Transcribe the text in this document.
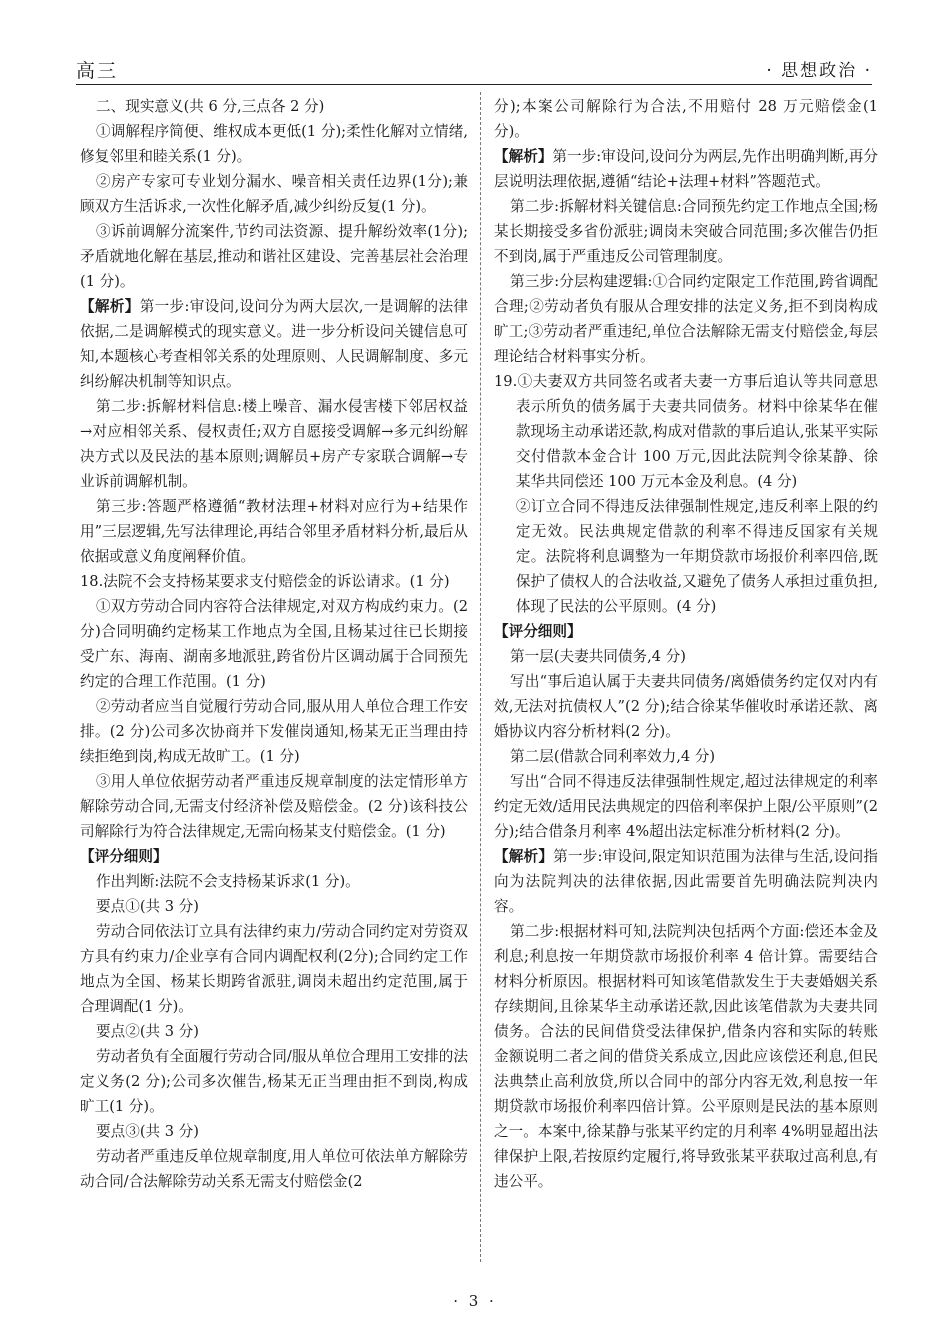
高三	· 思想政治 ·

二、现实意义(共 6 分,三点各 2 分)

①调解程序简便、维权成本更低(1 分);柔性化解对立情绪,修复邻里和睦关系(1 分)。

②房产专家可专业划分漏水、噪音相关责任边界(1分);兼顾双方生活诉求,一次性化解矛盾,减少纠纷反复(1 分)。

③诉前调解分流案件,节约司法资源、提升解纷效率(1分);矛盾就地化解在基层,推动和谐社区建设、完善基层社会治理(1 分)。

【解析】第一步:审设问,设问分为两大层次,一是调解的法律依据,二是调解模式的现实意义。进一步分析设问关键信息可知,本题核心考查相邻关系的处理原则、人民调解制度、多元纠纷解决机制等知识点。

第二步:拆解材料信息:楼上噪音、漏水侵害楼下邻居权益→对应相邻关系、侵权责任;双方自愿接受调解→多元纠纷解决方式以及民法的基本原则;调解员+房产专家联合调解→专业诉前调解机制。

第三步:答题严格遵循“教材法理+材料对应行为+结果作用”三层逻辑,先写法律理论,再结合邻里矛盾材料分析,最后从依据或意义角度阐释价值。

18.法院不会支持杨某要求支付赔偿金的诉讼请求。(1 分)

①双方劳动合同内容符合法律规定,对双方构成约束力。(2 分)合同明确约定杨某工作地点为全国,且杨某过往已长期接受广东、海南、湖南多地派驻,跨省份片区调动属于合同预先约定的合理工作范围。(1 分)

②劳动者应当自觉履行劳动合同,服从用人单位合理工作安排。(2 分)公司多次协商并下发催岗通知,杨某无正当理由持续拒绝到岗,构成无故旷工。(1 分)

③用人单位依据劳动者严重违反规章制度的法定情形单方解除劳动合同,无需支付经济补偿及赔偿金。(2 分)该科技公司解除行为符合法律规定,无需向杨某支付赔偿金。(1 分)

【评分细则】

作出判断:法院不会支持杨某诉求(1 分)。

要点①(共 3 分)

劳动合同依法订立具有法律约束力/劳动合同约定对劳资双方具有约束力/企业享有合同内调配权利(2分);合同约定工作地点为全国、杨某长期跨省派驻,调岗未超出约定范围,属于合理调配(1 分)。

要点②(共 3 分)

劳动者负有全面履行劳动合同/服从单位合理用工安排的法定义务(2 分);公司多次催告,杨某无正当理由拒不到岗,构成旷工(1 分)。

要点③(共 3 分)

劳动者严重违反单位规章制度,用人单位可依法单方解除劳动合同/合法解除劳动关系无需支付赔偿金(2

分);本案公司解除行为合法,不用赔付 28 万元赔偿金(1 分)。

【解析】第一步:审设问,设问分为两层,先作出明确判断,再分层说明法理依据,遵循“结论+法理+材料”答题范式。

第二步:拆解材料关键信息:合同预先约定工作地点全国;杨某长期接受多省份派驻;调岗未突破合同范围;多次催告仍拒不到岗,属于严重违反公司管理制度。

第三步:分层构建逻辑:①合同约定限定工作范围,跨省调配合理;②劳动者负有服从合理安排的法定义务,拒不到岗构成旷工;③劳动者严重违纪,单位合法解除无需支付赔偿金,每层理论结合材料事实分析。

19.①夫妻双方共同签名或者夫妻一方事后追认等共同意思表示所负的债务属于夫妻共同债务。材料中徐某华在催款现场主动承诺还款,构成对借款的事后追认,张某平实际交付借款本金合计 100 万元,因此法院判令徐某静、徐某华共同偿还 100 万元本金及利息。(4 分)

②订立合同不得违反法律强制性规定,违反利率上限的约定无效。民法典规定借款的利率不得违反国家有关规定。法院将利息调整为一年期贷款市场报价利率四倍,既保护了债权人的合法收益,又避免了债务人承担过重负担,体现了民法的公平原则。(4 分)

【评分细则】

第一层(夫妻共同债务,4 分)

写出“事后追认属于夫妻共同债务/离婚债务约定仅对内有效,无法对抗债权人”(2 分);结合徐某华催收时承诺还款、离婚协议内容分析材料(2 分)。

第二层(借款合同利率效力,4 分)

写出“合同不得违反法律强制性规定,超过法律规定的利率约定无效/适用民法典规定的四倍利率保护上限/公平原则”(2 分);结合借条月利率 4%超出法定标准分析材料(2 分)。

【解析】第一步:审设问,限定知识范围为法律与生活,设问指向为法院判决的法律依据,因此需要首先明确法院判决内容。

第二步:根据材料可知,法院判决包括两个方面:偿还本金及利息;利息按一年期贷款市场报价利率 4 倍计算。需要结合材料分析原因。根据材料可知该笔借款发生于夫妻婚姻关系存续期间,且徐某华主动承诺还款,因此该笔借款为夫妻共同债务。合法的民间借贷受法律保护,借条内容和实际的转账金额说明二者之间的借贷关系成立,因此应该偿还利息,但民法典禁止高利放贷,所以合同中的部分内容无效,利息按一年期贷款市场报价利率四倍计算。公平原则是民法的基本原则之一。本案中,徐某静与张某平约定的月利率 4%明显超出法律保护上限,若按原约定履行,将导致张某平获取过高利息,有违公平。

· 3 ·
